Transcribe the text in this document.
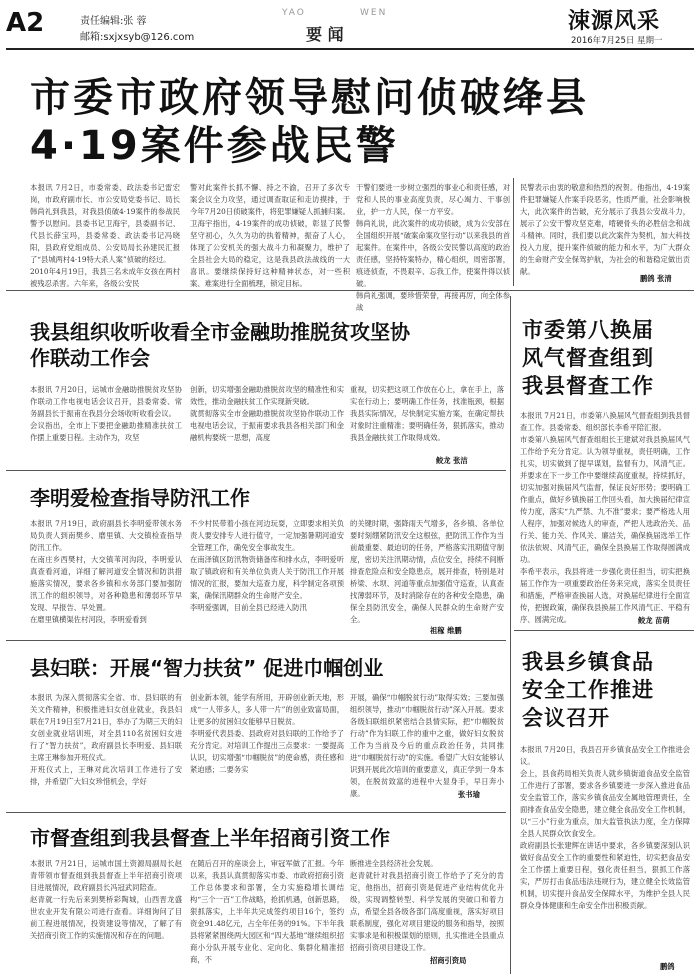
A2	责任编辑:张 蓉
邮箱:sxjxsyb@126.com
YAO	WEN
要 闻
涑源风采
2016年7月25日 星期一
市委市政府领导慰问侦破绛县
4·19案件参战民警
本报讯 7月2日，市委常委、政法委书记雷宏岗，市政府副市长、市公安局党委书记、局长韩尚礼到我县，对我县侦破4·19案件的参战民警予以慰问。县委书记卫海宇，县委副书记、代县长薛宝玛，县委常委、政法委书记冯晓阳，县政府党组成员、公安局局长孙建民汇报了“县城两村4·19特大杀人案”侦破的经过。
2010年4月19日，我县三名未成年女孩在两村被残忍杀害。六年来，各级公安民
警对此案件长抓不懈、持之不渝，召开了多次专案会议全力攻坚，通过调查取证和走访摸排，于今年7月20日侦破案件，将犯罪嫌疑人抓捕归案。
卫海宇指出，4·19案件的成功侦破，彰显了民警坚守初心，久久为功的执着精神，振奋了人心，体现了公安机关的强大战斗力和凝聚力，维护了全县社会大局的稳定，这是我县政法战线的一大喜讯。要继续保持好这种精神状态，对一些积案、难案进行全面梳理，锁定目标。
干警们要进一步树立强烈的事业心和责任感，对党和人民的事业高度负责，尽心竭力、干事创业，护一方人民，保一方平安。
韩尚礼说，此次案件的成功侦破，成为公安部在全国组织开展“破案命案攻坚行动”以来我县的首起案件。在案件中，各级公安民警以高度的政治责任感，坚持特案特办，精心组织，周密部署，痕迹侦查，不畏艰辛、忘我工作，使案件得以侦破。
韩尚礼强调，要珍惜荣誉，再接再厉，向全体参战
民警表示由衷的敬意和热烈的祝贺。他指出，4·19案件犯罪嫌疑人作案手段恶劣，性质严重，社会影响极大，此次案件的告破，充分展示了我县公安战斗力，展示了公安干警攻坚克难，啃硬骨头的必胜信念和战斗精神。同时，我们要以此次案件为契机，加大科技投入力度，提升案件侦破的能力和水平，为广大群众的生命财产安全保驾护航，为社会的和谐稳定做出贡献。
鹏鸽 张清
我县组织收听收看全市金融助推脱贫攻坚协
作联动工作会
本报讯 7月20日，运城市金融助推脱贫攻坚协作联动工作电视电话会议召开，县委常委、常务副县长于振甫在我县分会场收听收看会议。
会议指出，全市上下要把金融助推精准扶贫工作摆上重要日程。主动作为，攻坚
创新，切实增强金融助推脱贫攻坚的精准性和实效性，推动金融扶贫工作实现新突破。
就贯彻落实全市金融助推脱贫攻坚协作联动工作电视电话会议，于振甫要求我县各相关部门和金融机构要统一思想，高度
重视，切实把这项工作放在心上，拿在手上，落实在行动上；要明确工作任务，找准瓶颈，根据我县实际情况，尽快制定实施方案，在确定帮扶对象时注重精准；要明确任务，狠抓落实，推动我县金融扶贫工作取得成效。
鲛龙 张洁
李明爱检查指导防汛工作
本报讯 7月19日，政府副县长李明爱带领水务局负责人到南樊乡、磨里镇、大交镇检查指导防汛工作。
在南庄乡西樊村，大交镇苇河沟段，李明爱认真查看河道，详细了解河道安全情况和防洪措施落实情况，要求各乡镇和水务部门要加强防汛工作的组织领导，对各种隐患和薄弱环节早发现、早报告、早处置。
在磨里镇横渠佐村河段，李明爱看到
不少村民带着小孩在河边玩耍，立即要求相关负责人要安排专人进行值守，一定加强暑期河道安全管理工作，确免安全事故发生。
在南泽镇区防汛物资储备库和排水点，李明爱听取了镇政府和有关单位负责人关于防汛工作开展情况的汇报，要加大巡查力度，科学制定各项预案，确保汛期群众的生命财产安全。
李明爱强调，目前全县已经进入防汛
的关键时期，强降雨天气增多，各乡镇、各单位要时刻绷紧防汛安全这根弦，把防汛工作作为当前最重要、最迫切的任务，严格落实汛期值守制度，密切关注汛期动情，点位安全，持续不间断排查危险点和安全隐患点，展开排查，特别是对桥梁、水坝、河道等重点加强值守巡查，认真查找薄弱环节，及时消除存在的各种安全隐患，确保全县防汛安全，确保人民群众的生命财产安全。
祖稼 维鹏
县妇联：开展“智力扶贫” 促进巾帼创业
本报讯 为深入贯彻落实全省、市、县妇联的有关文件精神，积极推进妇女创业就业，我县妇联在7月19日至7月21日，举办了为期三天的妇女创业就业培训班，对全县110名贫困妇女进行了“智力扶贫”，政府副县长李明爱、县妇联主席王琳参加开班仪式。
开班仪式上，王琳对此次培训工作进行了安排，并希望广大妇女珍惜机会，学好
创业新本领，能学有所用，开辟创业新天地，形成“一人带多人，多人带一片”的创业致富局面，让更多的贫困妇女能够早日脱贫。
李明爱代表县委、县政府对县妇联的工作给予了充分肯定。对培训工作提出三点要求：一要提高认识，切实增强“巾帼脱贫”的使命感，责任感和紧迫感；二要务实
开展，确保“巾帼脱贫行动”取得实效；三要加强组织领导，推动“巾帼脱贫行动”深入开展。要求各级妇联组织紧密结合县情实际，把“巾帼脱贫行动”作为妇联工作的重中之重，做好妇女脱贫工作为当前及今后的重点政治任务，共同推进“巾帼脱贫行动”的实施。希望广大妇女能够认识到开展此次培训的重要意义，真正学到一身本领，在脱贫致富的进程中大显身手，早日奔小康。	张书瑜
市督查组到我县督查上半年招商引资工作
本报讯 7月21日，运城市国土资源局副局长赵青带领市督查组到我县督查上半年招商引资项目进展情况，政府副县长冯冠武同陪查。
赵青就一行先后来到樊桥彩陶城，山西晋龙盛世农业开发有限公司进行查看。详细询问了目前工程进展情况，投资建设等情况，了解了有关招商引资工作的实施情况和存在的问题。
在随后召开的座谈会上，审冠军做了汇报。今年以来，我县认真贯彻落实市委、市政府招商引资工作总体要求和部署，全力实施稳增长调结构“三个一百”工作战略，抢抓机遇，创新思路，狠抓落实，上半年共完成签约项目16个，签约资金91.48亿元，占全年任务的91%。下半年我县将紧紧围绕两大园区和“四大基地”继续组织招商小分队开展专业化、定向化、集群化精准招商，不
断推进全县经济社会发展。
赵青就针对我县招商引资工作给予了充分的肯定，他指出，招商引资是促进产业结构优化升级，实现调整转型、科学发展的突破口和着力点，希望全县各级各部门高度重视，落实好项目联系制度，强化对项目建设的服务和指导，按照实事求是和积极谋划的原则，扎实推进全县重点招商引资项目建设工作。
招商引资局
市委第八换届
风气督查组到
我县督查工作
本报讯 7月21日，市委第八换届风气督查组到我县督查工作。县委常委、组织部长李希平陪汇报。
市委第八换届风气督查组组长王建斌对我县换届风气工作给予充分肯定。认为领导重视，责任明确，工作扎实，切实做到了提早谋划，监督有力，风清气正。并要求在下一步工作中要继续高度重视，持续抓好，切实加强对换届风气监督，保证良好形势；要明确工作重点，做好乡镇换届工作回头看，加大换届纪律宣传力度，落实“九严禁、九不准”要求；要严格选人用人程序，加强对候选人的审查，严把人选政治关、品行关、能力关、作风关、廉洁关，确保换届选举工作依法依规、风清气正，确保全县换届工作取得圆满成功。
李希平表示，我县将进一步强化责任担当，切实把换届工作作为一项重要政治任务来完成，落实全员责任和措施，严格审查换届人选，对换届纪律进行全面宣传，把握政策，确保我县换届工作风清气正、平稳有序、圆满完成。	鲛龙 苗萌
我县乡镇食品
安全工作推进
会议召开
本报讯 7月20日，我县召开乡镇食品安全工作推进会议。
会上，县食药局相关负责人就乡镇街道食品安全监管工作进行了部署，要求各乡镇要进一步深入推进食品安全监管工作，落实乡镇食品安全属地管理责任，全面排查食品安全隐患，建立健全食品安全工作机制，以“三小”行业为重点，加大监管执法力度，全力保障全县人民群众饮食安全。
政府副县长张建辉在讲话中要求，各乡镇要深刻认识做好食品安全工作的重要性和紧迫性，切实把食品安全工作摆上重要日程，强化责任担当，狠抓工作落实，严厉打击食品违法违规行为，建立健全长效监管机制，切实提升食品安全保障水平，为维护全县人民群众身体健康和生命安全作出积极贡献。
鹏鸽
